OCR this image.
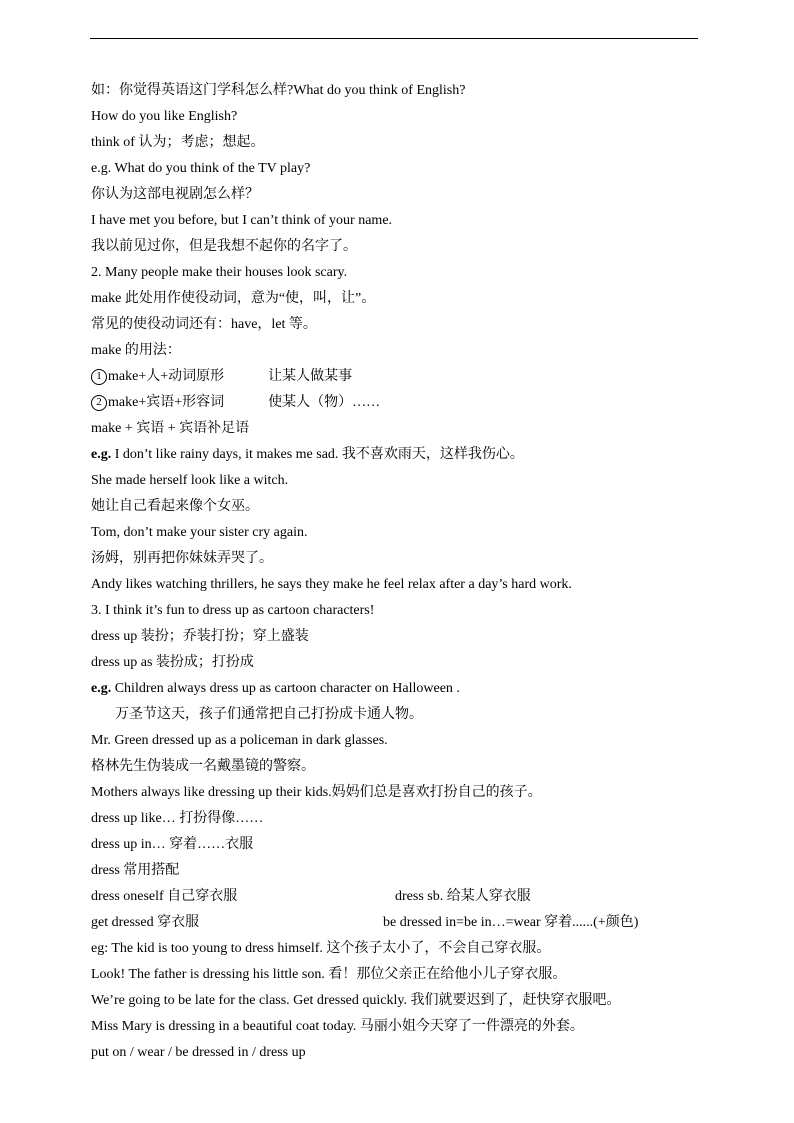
如：你觉得英语这门学科怎么样?What do you think of English?
How do you like English?
think of 认为；考虑；想起。
e.g. What do you think of the TV play?
你认为这部电视剧怎么样？
I have met you before, but I can’t think of your name.
我以前见过你，但是我想不起你的名字了。
2. Many people make their houses look scary.
make 此处用作使役动词，意为“使，叫，让”。
常见的使役动词还有：have，let 等。
make 的用法：
1 make+人+动词原形	让某人做某事
2 make+宾语+形容词	使某人（物）……
make + 宾语 + 宾语补足语
e.g. I don’t like rainy days, it makes me sad. 我不喜欢雨天，这样我伤心。
She made herself look like a witch.
她让自己看起来像个女巫。
Tom, don’t make your sister cry again.
汤姆，别再把你妹妹弄哭了。
Andy likes watching thrillers, he says they make he feel relax after a day’s hard work.
3. I think it’s fun to dress up as cartoon characters!
dress up 装扮；乔装打扮；穿上盛装
dress up as 装扮成；打扮成
e.g. Children always dress up as cartoon character on Halloween .
万圣节这天，孩子们通常把自己打扮成卡通人物。
Mr. Green dressed up as a policeman in dark glasses.
格林先生伪装成一名戴墨镜的警察。
Mothers always like dressing up their kids.妈妈们总是喜欢打扮自己的孩子。
dress up like… 打扮得像……
dress up in… 穿着……衣服
dress 常用搭配
dress oneself 自己穿衣服	dress sb. 给某人穿衣服
get dressed 穿衣服	be dressed in=be in…=wear 穿着......(+颜色)
eg: The kid is too young to dress himself. 这个孩子太小了，不会自己穿衣服。
Look! The father is dressing his little son. 看！那位父亲正在给他小儿子穿衣服。
We’re going to be late for the class. Get dressed quickly. 我们就要迟到了，赶快穿衣服吧。
Miss Mary is dressing in a beautiful coat today. 马丽小姐今天穿了一件漂亮的外套。
put on / wear / be dressed in / dress up
